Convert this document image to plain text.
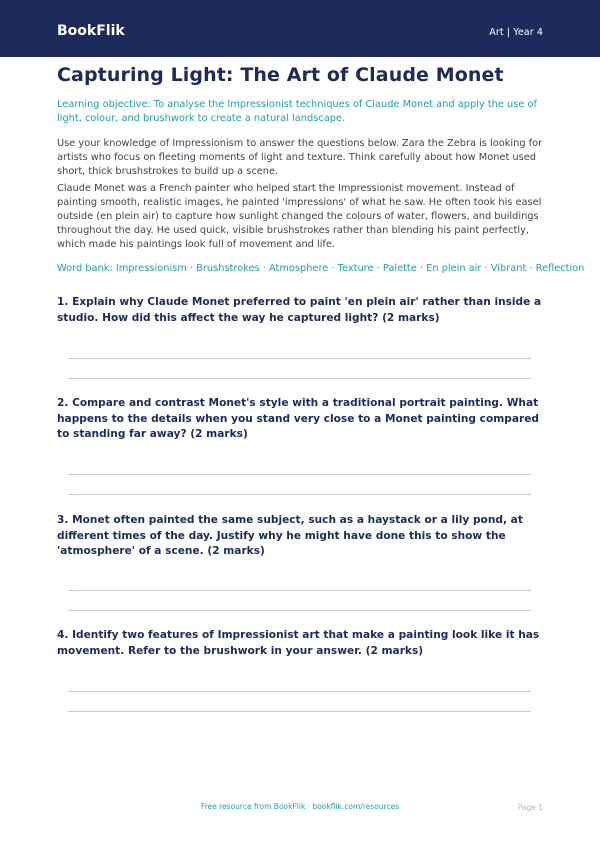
BookFlik	Art | Year 4
Capturing Light: The Art of Claude Monet

Learning objective: To analyse the Impressionist techniques of Claude Monet and apply the use of light, colour, and brushwork to create a natural landscape.

Use your knowledge of Impressionism to answer the questions below. Zara the Zebra is looking for artists who focus on fleeting moments of light and texture. Think carefully about how Monet used short, thick brushstrokes to build up a scene.

Claude Monet was a French painter who helped start the Impressionist movement. Instead of painting smooth, realistic images, he painted 'impressions' of what he saw. He often took his easel outside (en plein air) to capture how sunlight changed the colours of water, flowers, and buildings throughout the day. He used quick, visible brushstrokes rather than blending his paint perfectly, which made his paintings look full of movement and life.

Word bank: Impressionism · Brushstrokes · Atmosphere · Texture · Palette · En plein air · Vibrant · Reflection

1. Explain why Claude Monet preferred to paint 'en plein air' rather than inside a studio. How did this affect the way he captured light? (2 marks)

2. Compare and contrast Monet's style with a traditional portrait painting. What happens to the details when you stand very close to a Monet painting compared to standing far away? (2 marks)

3. Monet often painted the same subject, such as a haystack or a lily pond, at different times of the day. Justify why he might have done this to show the 'atmosphere' of a scene. (2 marks)

4. Identify two features of Impressionist art that make a painting look like it has movement. Refer to the brushwork in your answer. (2 marks)

Free resource from BookFlik · bookflik.com/resources	Page 1
